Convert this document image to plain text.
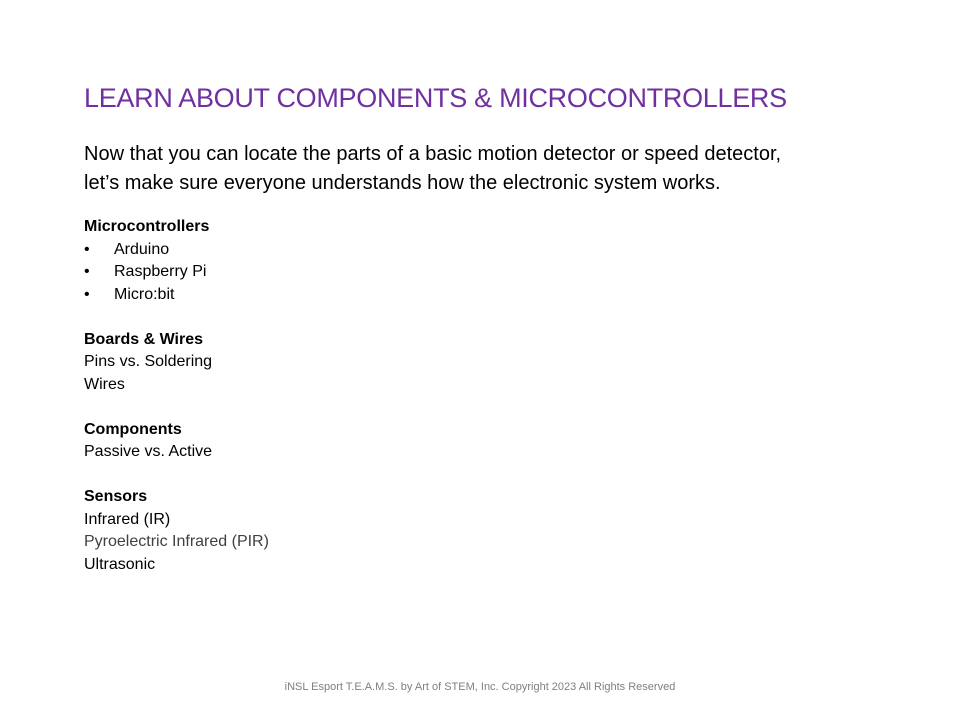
LEARN ABOUT COMPONENTS & MICROCONTROLLERS
Now that you can locate the parts of a basic motion detector or speed detector,
let’s make sure everyone understands how the electronic system works.
Microcontrollers
• Arduino
• Raspberry Pi
• Micro:bit
Boards & Wires
Pins vs. Soldering
Wires
Components
Passive vs. Active
Sensors
Infrared (IR)
Pyroelectric Infrared (PIR)
Ultrasonic
iNSL Esport T.E.A.M.S. by Art of STEM, Inc. Copyright 2023 All Rights Reserved
